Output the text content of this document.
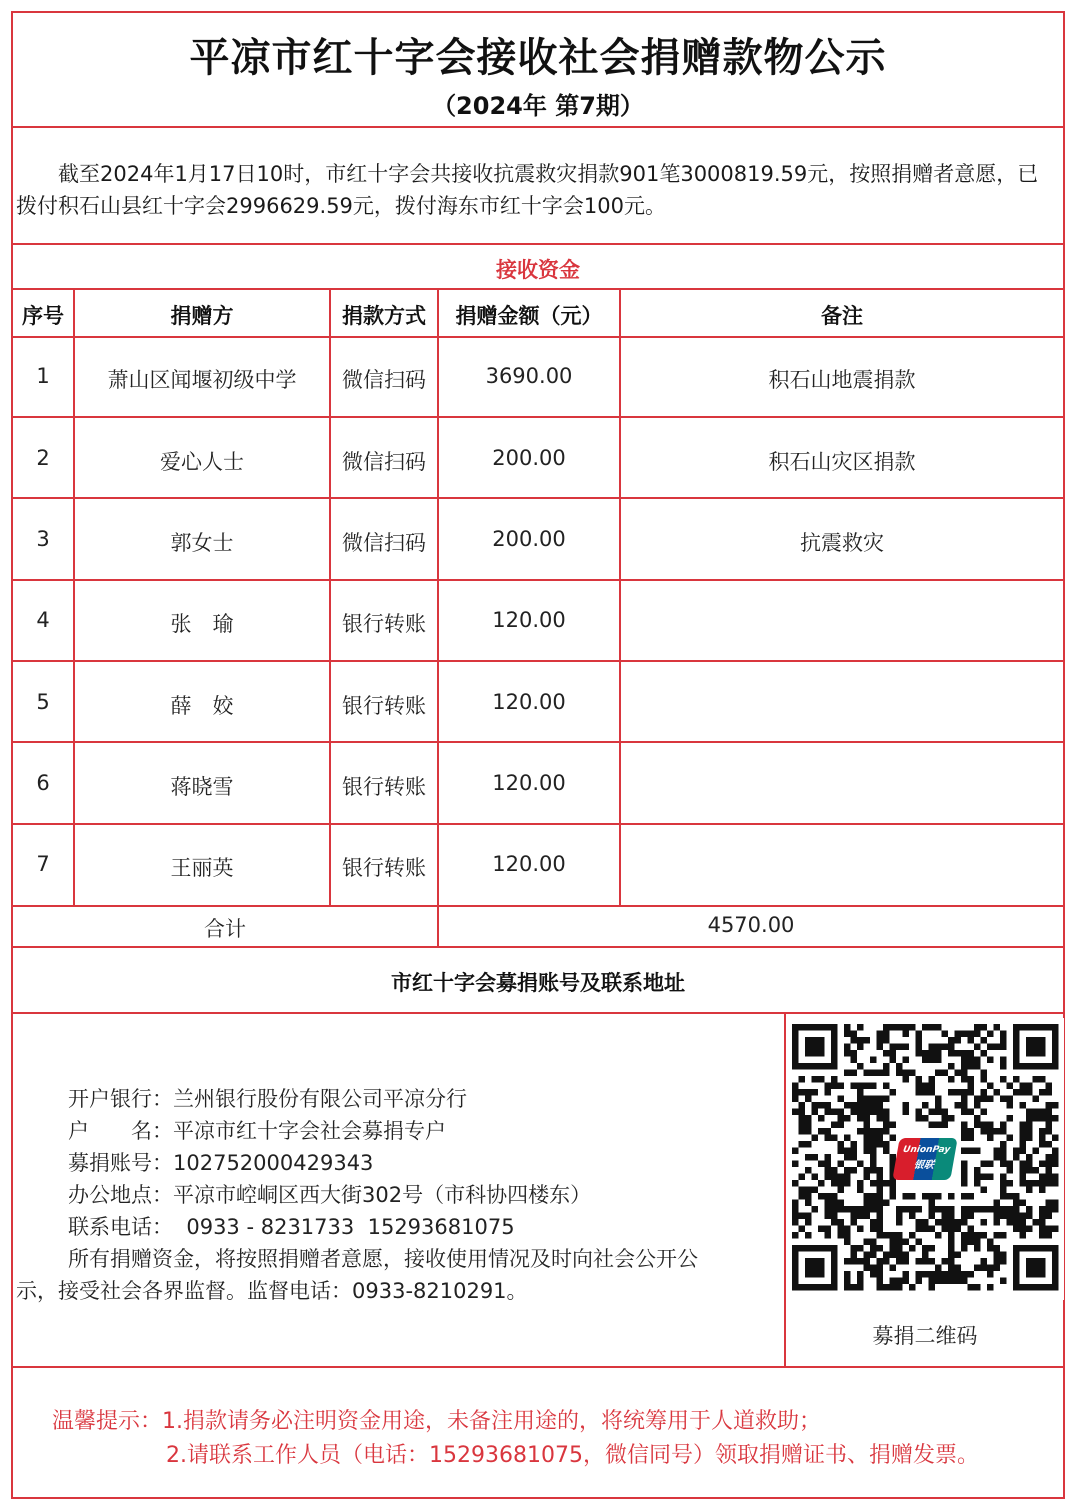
平凉市红十字会接收社会捐赠款物公示
（2024年 第7期）
截至2024年1月17日10时，市红十字会共接收抗震救灾捐款901笔3000819.59元，按照捐赠者意愿，已拨付积石山县红十字会2996629.59元，拨付海东市红十字会100元。
接收资金
序号	捐赠方	捐款方式	捐赠金额（元）	备注
1	萧山区闻堰初级中学	微信扫码	3690.00	积石山地震捐款
2	爱心人士	微信扫码	200.00	积石山灾区捐款
3	郭女士	微信扫码	200.00	抗震救灾
4	张　瑜	银行转账	120.00
5	薛　姣	银行转账	120.00
6	蒋晓雪	银行转账	120.00
7	王丽英	银行转账	120.00
合计	4570.00
市红十字会募捐账号及联系地址
开户银行：兰州银行股份有限公司平凉分行
户　　名：平凉市红十字会社会募捐专户
募捐账号：102752000429343
办公地点：平凉市崆峒区西大街302号（市科协四楼东）
联系电话：  0933 - 8231733  15293681075
所有捐赠资金，将按照捐赠者意愿，接收使用情况及时向社会公开公
示，接受社会各界监督。监督电话：0933-8210291。
UnionPay
银联
募捐二维码
温馨提示：1.捐款请务必注明资金用途，未备注用途的，将统筹用于人道救助；
2.请联系工作人员（电话：15293681075，微信同号）领取捐赠证书、捐赠发票。
